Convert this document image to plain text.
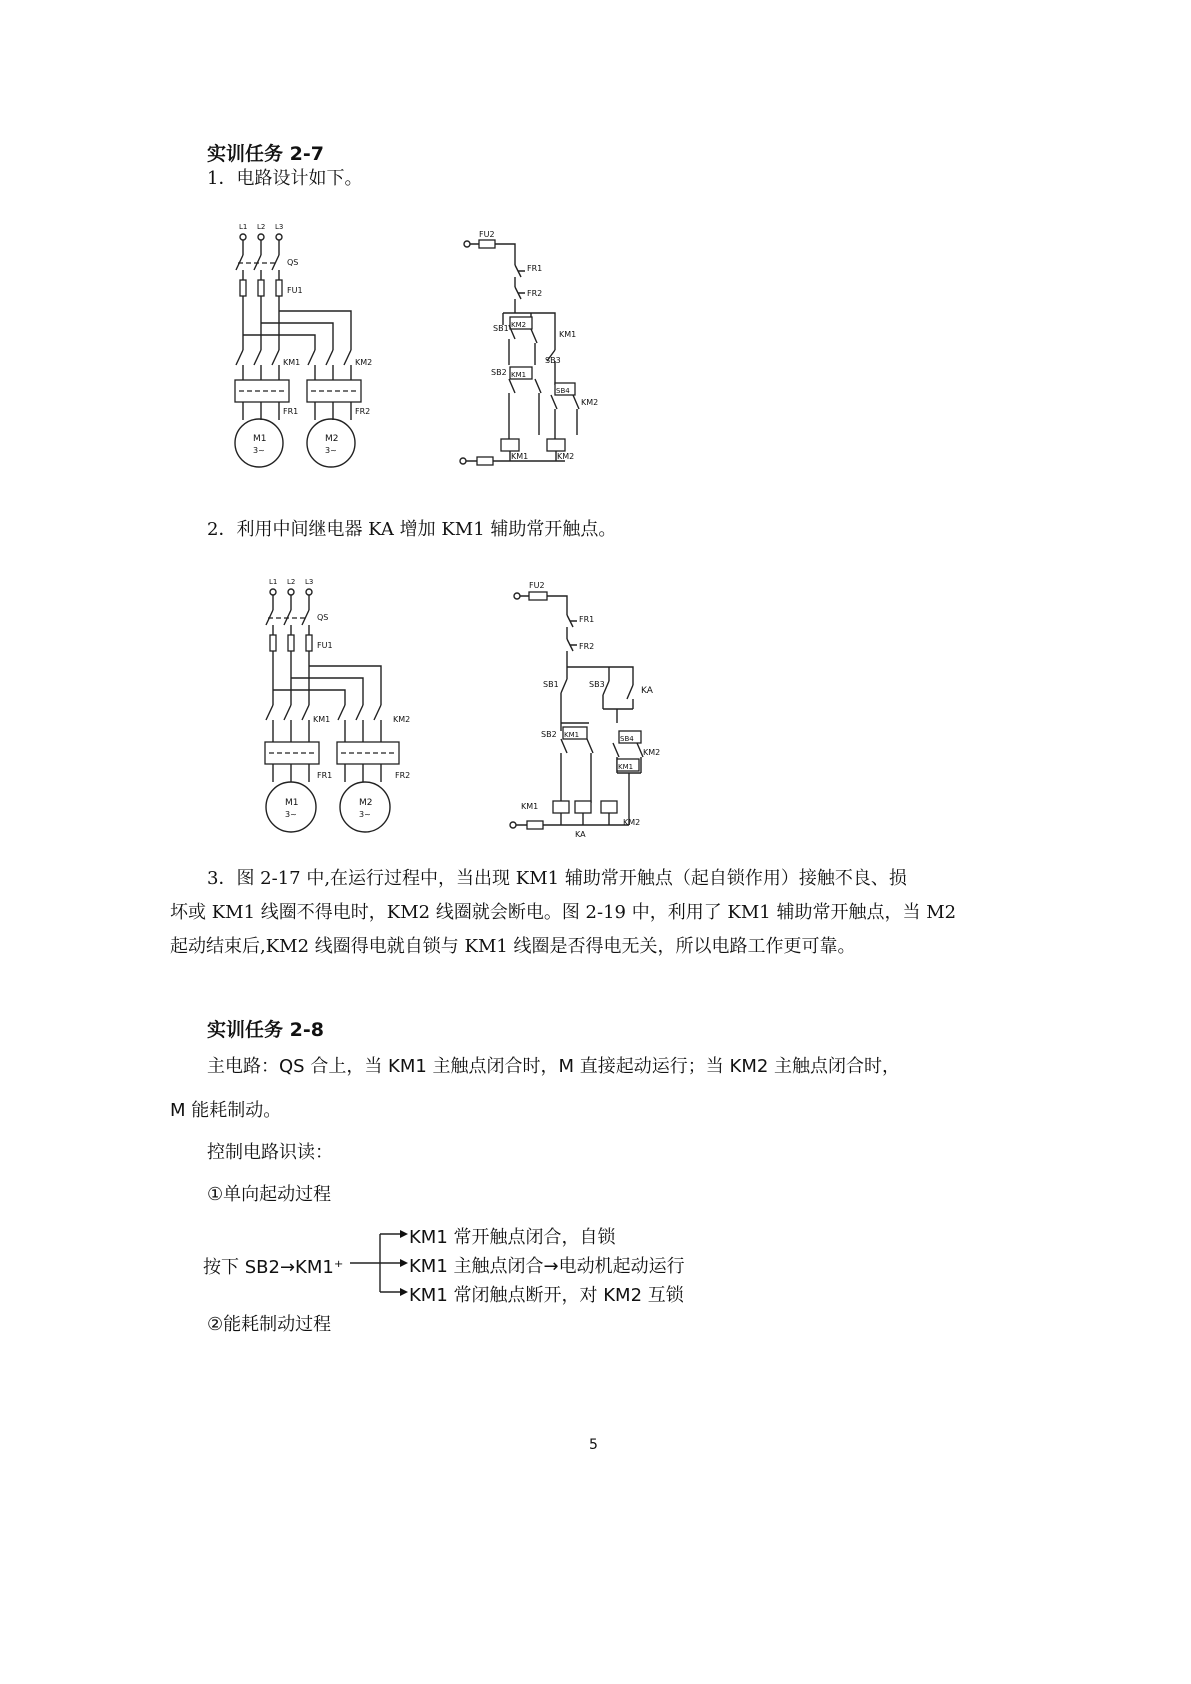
实训任务 2-7
1．电路设计如下。
L1 L2 L3
QS
FU1
KM1	KM2
FR1	FR2
M1
3~
M2
3~
FU2
FR1
FR2
KM2
SB1
KM1
SB3
SB2 KM1
SB4
KM2
KM1	KM2
2．利用中间继电器 KA 增加 KM1 辅助常开触点。
L1 L2 L3
QS
FU1
KM1	KM2
FR1	FR2
M1
3~
M2
3~
FU2
FR1
FR2
SB1	SB3
KA
SB2 KM1	SB4
KM2
KM1
KM1
KM2
KA
3．图 2-17 中,在运行过程中，当出现 KM1 辅助常开触点（起自锁作用）接触不良、损
坏或 KM1 线圈不得电时，KM2 线圈就会断电。图 2-19 中，利用了 KM1 辅助常开触点，当 M2
起动结束后,KM2 线圈得电就自锁与 KM1 线圈是否得电无关，所以电路工作更可靠。
实训任务 2-8
主电路：QS 合上，当 KM1 主触点闭合时，M 直接起动运行；当 KM2 主触点闭合时，
M 能耗制动。
控制电路识读：
①单向起动过程
按下 SB2→KM1⁺
KM1 常开触点闭合，自锁
KM1 主触点闭合→电动机起动运行
KM1 常闭触点断开，对 KM2 互锁
②能耗制动过程
5
